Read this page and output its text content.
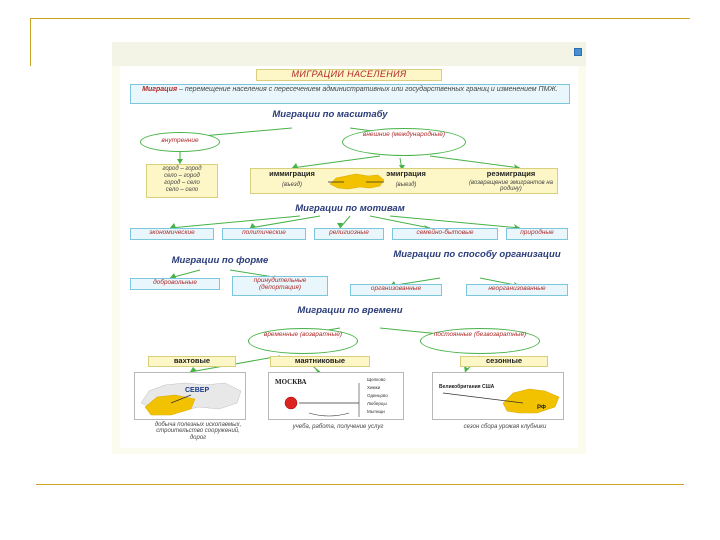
МИГРАЦИИ НАСЕЛЕНИЯ
Миграция – перемещение населения с пересечением административных или государственных границ и изменением ПМЖ.
Миграции по масштабу
внутренние
внешние (международные)
город – город
село – город
город – село
село – село
иммиграция
(въезд)
эмиграция
(выезд)
реэмиграция
(возвращение эмигрантов на родину)
Миграции по мотивам
экономические	политические	религиозные	семейно-бытовые	природные
Миграции по форме
добровольные	принудительные (депортация)
Миграции по способу организации
организованные	неорганизованные
Миграции по времени
временные (возвратные)	постоянные (безвозвратные)
вахтовые	маятниковые	сезонные
СЕВЕР
МОСКВА	Щелково
Химки
Одинцово
Люберцы
Мытищи
Великобритания США
РФ
добыча полезных ископаемых, строительство сооружений, дорог
учеба, работа, получение услуг	сезон сбора урожая клубники
